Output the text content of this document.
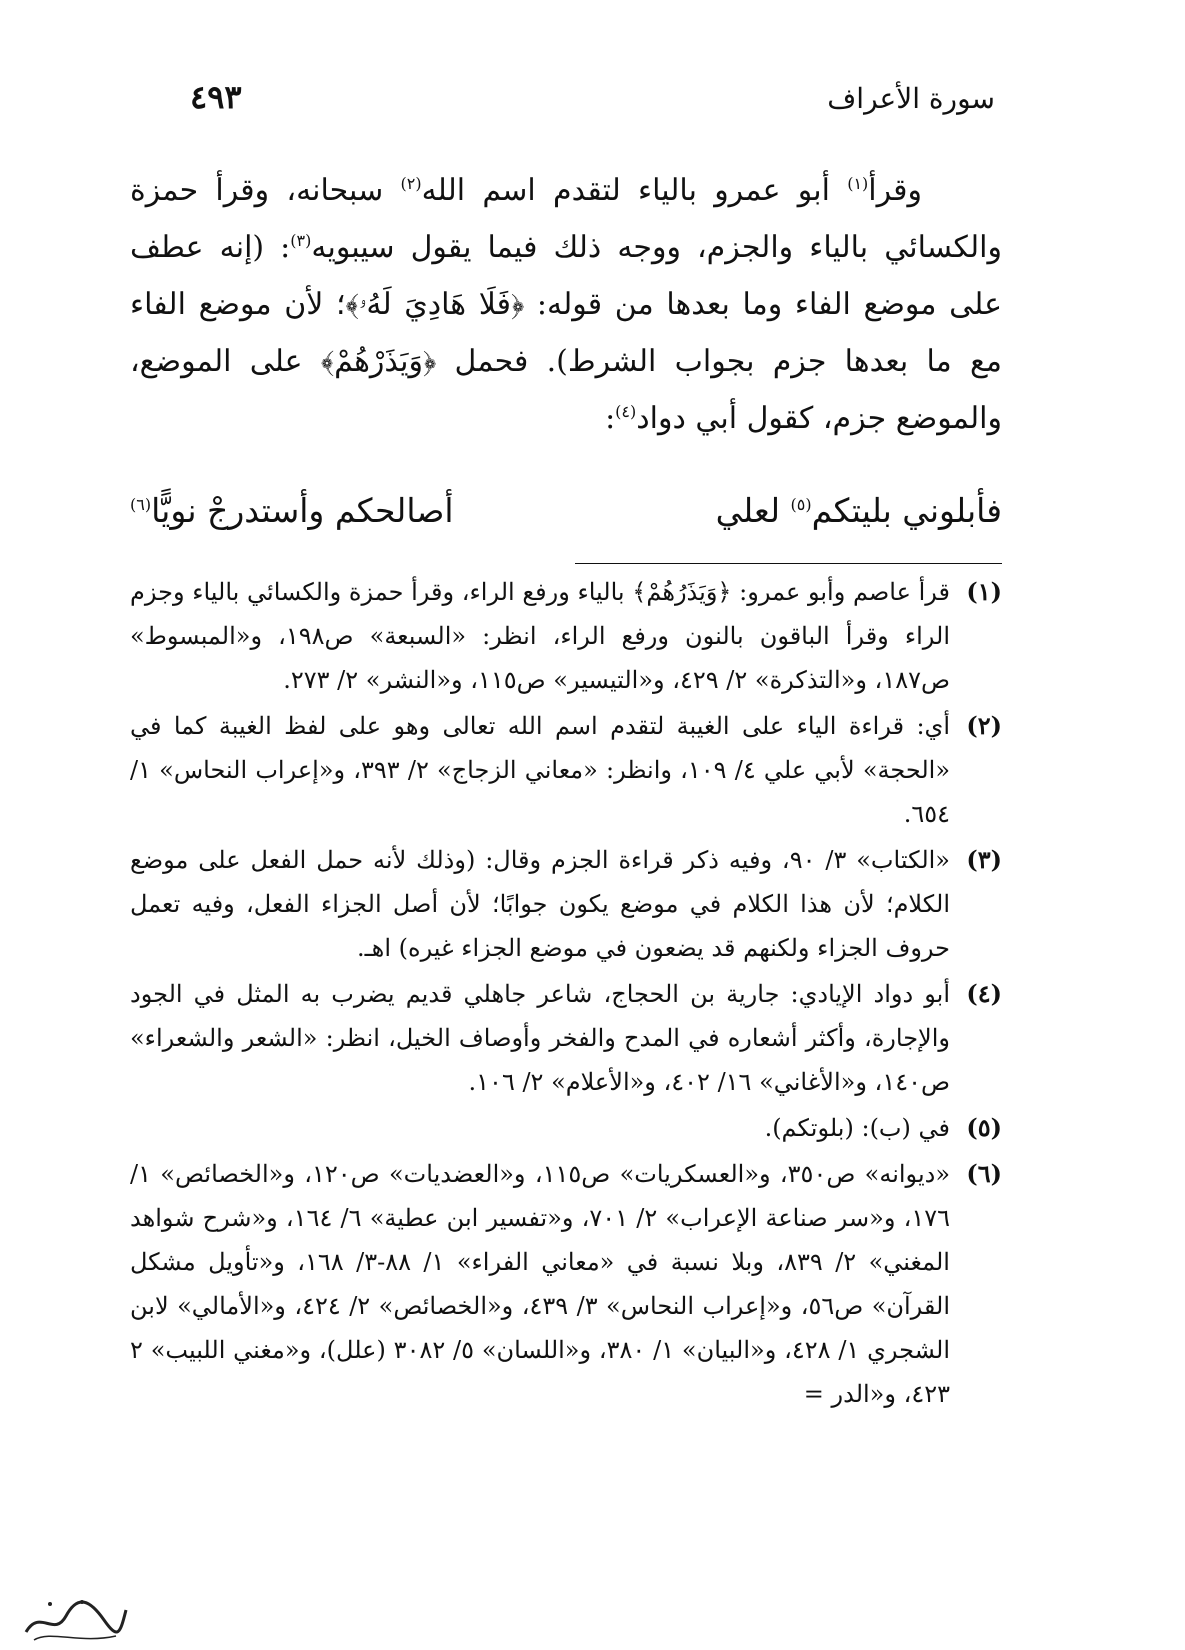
سورة الأعراف
٤٩٣

وقرأ$^{(١)}$ أبو عمرو بالياء لتقدم اسم الله$^{(٢)}$ سبحانه، وقرأ حمزة والكسائي بالياء والجزم، ووجه ذلك فيما يقول سيبويه$^{(٣)}$: (إنه عطف على موضع الفاء وما بعدها من قوله: ﴿فَلَا هَادِيَ لَهُۥ﴾؛ لأن موضع الفاء مع ما بعدها جزم بجواب الشرط). فحمل ﴿وَيَذَرْهُمْ﴾ على الموضع، والموضع جزم، كقول أبي دواد$^{(٤)}$:

فأبلوني بليتكم$^{(٥)}$ لعلي
أصالحكم وأستدرجْ نويًّا$^{(٦)}$
(١)
قرأ عاصم وأبو عمرو: ﴿وَيَذَرُهُمْ﴾ بالياء ورفع الراء، وقرأ حمزة والكسائي بالياء وجزم الراء وقرأ الباقون بالنون ورفع الراء، انظر: «السبعة» ص١٩٨، و«المبسوط» ص١٨٧، و«التذكرة» ٢/ ٤٢٩، و«التيسير» ص١١٥، و«النشر» ٢/ ٢٧٣.
(٢)
أي: قراءة الياء على الغيبة لتقدم اسم الله تعالى وهو على لفظ الغيبة كما في «الحجة» لأبي علي ٤/ ١٠٩، وانظر: «معاني الزجاج» ٢/ ٣٩٣، و«إعراب النحاس» ١/ ٦٥٤.
(٣)
«الكتاب» ٣/ ٩٠، وفيه ذكر قراءة الجزم وقال: (وذلك لأنه حمل الفعل على موضع الكلام؛ لأن هذا الكلام في موضع يكون جوابًا؛ لأن أصل الجزاء الفعل، وفيه تعمل حروف الجزاء ولكنهم قد يضعون في موضع الجزاء غيره) اهـ.
(٤)
أبو دواد الإيادي: جارية بن الحجاج، شاعر جاهلي قديم يضرب به المثل في الجود والإجارة، وأكثر أشعاره في المدح والفخر وأوصاف الخيل، انظر: «الشعر والشعراء» ص١٤٠، و«الأغاني» ١٦/ ٤٠٢، و«الأعلام» ٢/ ١٠٦.
(٥)
في (ب): (بلوتكم).
(٦)
«ديوانه» ص٣٥٠، و«العسكريات» ص١١٥، و«العضديات» ص١٢٠، و«الخصائص» ١/ ١٧٦، و«سر صناعة الإعراب» ٢/ ٧٠١، و«تفسير ابن عطية» ٦/ ١٦٤، و«شرح شواهد المغني» ٢/ ٨٣٩، وبلا نسبة في «معاني الفراء» ١/ ٨٨-٣/ ١٦٨، و«تأويل مشكل القرآن» ص٥٦، و«إعراب النحاس» ٣/ ٤٣٩، و«الخصائص» ٢/ ٤٢٤، و«الأمالي» لابن الشجري ١/ ٤٢٨، و«البيان» ١/ ٣٨٠، و«اللسان» ٥/ ٣٠٨٢ (علل)، و«مغني اللبيب» ٢ ٤٢٣، و«الدر =
